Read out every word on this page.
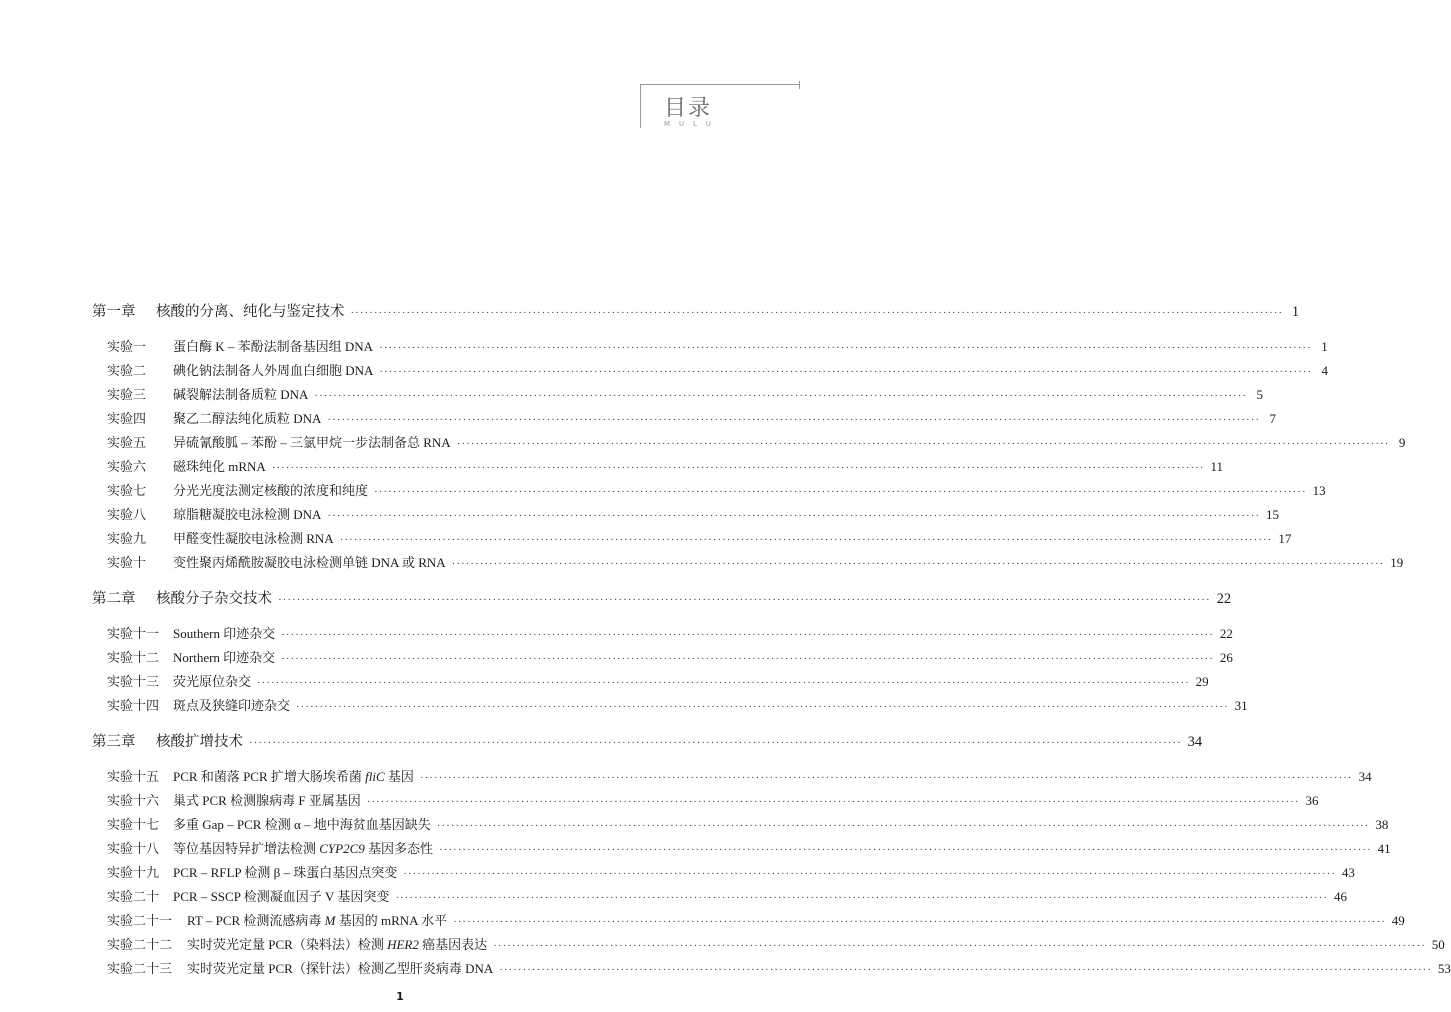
目录
MULU
第一章 核酸的分离、纯化与鉴定技术 ········································································································································································································ 1
实验一 蛋白酶 K – 苯酚法制备基因组 DNA ········································································································································································································ 1
实验二 碘化钠法制备人外周血白细胞 DNA ········································································································································································································ 4
实验三 碱裂解法制备质粒 DNA ········································································································································································································ 5
实验四 聚乙二醇法纯化质粒 DNA ········································································································································································································ 7
实验五 异硫氰酸胍 – 苯酚 – 三氯甲烷一步法制备总 RNA ········································································································································································································ 9
实验六 磁珠纯化 mRNA ········································································································································································································ 11
实验七 分光光度法测定核酸的浓度和纯度 ········································································································································································································ 13
实验八 琼脂糖凝胶电泳检测 DNA ········································································································································································································ 15
实验九 甲醛变性凝胶电泳检测 RNA ········································································································································································································ 17
实验十 变性聚丙烯酰胺凝胶电泳检测单链 DNA 或 RNA ········································································································································································································ 19
第二章 核酸分子杂交技术 ········································································································································································································ 22
实验十一 Southern 印迹杂交 ········································································································································································································ 22
实验十二 Northern 印迹杂交 ········································································································································································································ 26
实验十三 荧光原位杂交 ········································································································································································································ 29
实验十四 斑点及狭缝印迹杂交 ········································································································································································································ 31
第三章 核酸扩增技术 ········································································································································································································ 34
实验十五 PCR 和菌落 PCR 扩增大肠埃希菌 fliC 基因 ········································································································································································································ 34
实验十六 巢式 PCR 检测腺病毒 F 亚属基因 ········································································································································································································ 36
实验十七 多重 Gap – PCR 检测 α – 地中海贫血基因缺失 ········································································································································································································ 38
实验十八 等位基因特异扩增法检测 CYP2C9 基因多态性 ········································································································································································································ 41
实验十九 PCR – RFLP 检测 β – 珠蛋白基因点突变 ········································································································································································································ 43
实验二十 PCR – SSCP 检测凝血因子 V 基因突变 ········································································································································································································ 46
实验二十一 RT – PCR 检测流感病毒 M 基因的 mRNA 水平 ········································································································································································································ 49
实验二十二 实时荧光定量 PCR（染料法）检测 HER2 癌基因表达 ········································································································································································································ 50
实验二十三 实时荧光定量 PCR（探针法）检测乙型肝炎病毒 DNA ········································································································································································································ 53
1
